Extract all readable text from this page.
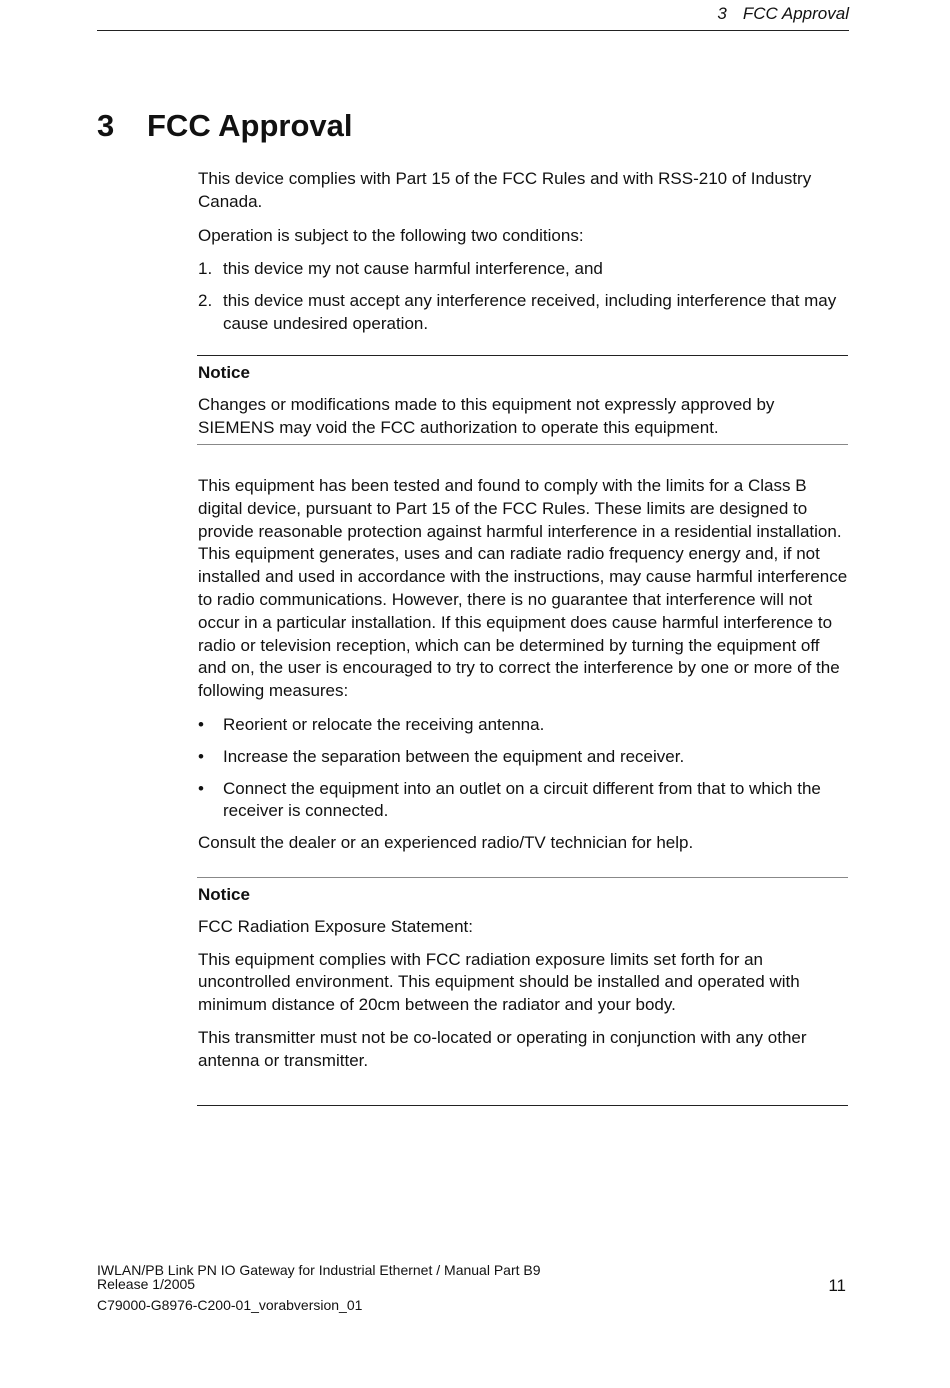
3 FCC Approval
3 FCC Approval

This device complies with Part 15 of the FCC Rules and with RSS-210 of Industry Canada.

Operation is subject to the following two conditions:

1. this device my not cause harmful interference, and
2. this device must accept any interference received, including interference that may cause undesired operation.
Notice

Changes or modifications made to this equipment not expressly approved by SIEMENS may void the FCC authorization to operate this equipment.

This equipment has been tested and found to comply with the limits for a Class B digital device, pursuant to Part 15 of the FCC Rules. These limits are designed to provide reasonable protection against harmful interference in a residential installation. This equipment generates, uses and can radiate radio frequency energy and, if not installed and used in accordance with the instructions, may cause harmful interference to radio communications. However, there is no guarantee that interference will not occur in a particular installation. If this equipment does cause harmful interference to radio or television reception, which can be determined by turning the equipment off and on, the user is encouraged to try to correct the interference by one or more of the following measures:

•	Reorient or relocate the receiving antenna.
•	Increase the separation between the equipment and receiver.
•	Connect the equipment into an outlet on a circuit different from that to which the receiver is connected.

Consult the dealer or an experienced radio/TV technician for help.

Notice

FCC Radiation Exposure Statement:

This equipment complies with FCC radiation exposure limits set forth for an uncontrolled environment. This equipment should be installed and operated with minimum distance of 20cm between the radiator and your body.

This transmitter must not be co-located or operating in conjunction with any other antenna or transmitter.

IWLAN/PB Link PN IO Gateway for Industrial Ethernet / Manual Part B9
Release 1/2005
C79000-G8976-C200-01_vorabversion_01
11
